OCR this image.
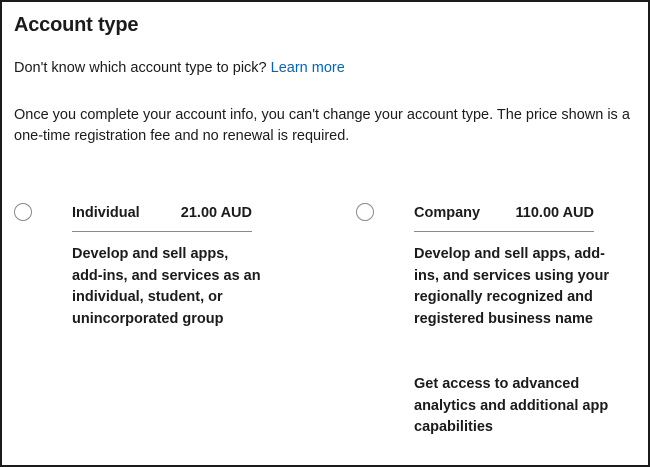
Account type

Don't know which account type to pick? Learn more

Once you complete your account info, you can't change your account type. The price shown is a one-time registration fee and no renewal is required.

Individual	21.00 AUD
Develop and sell apps, add-ins, and services as an individual, student, or unincorporated group
Company 110.00 AUD
Develop and sell apps, add-ins, and services using your regionally recognized and registered business name
Get access to advanced analytics and additional app capabilities
